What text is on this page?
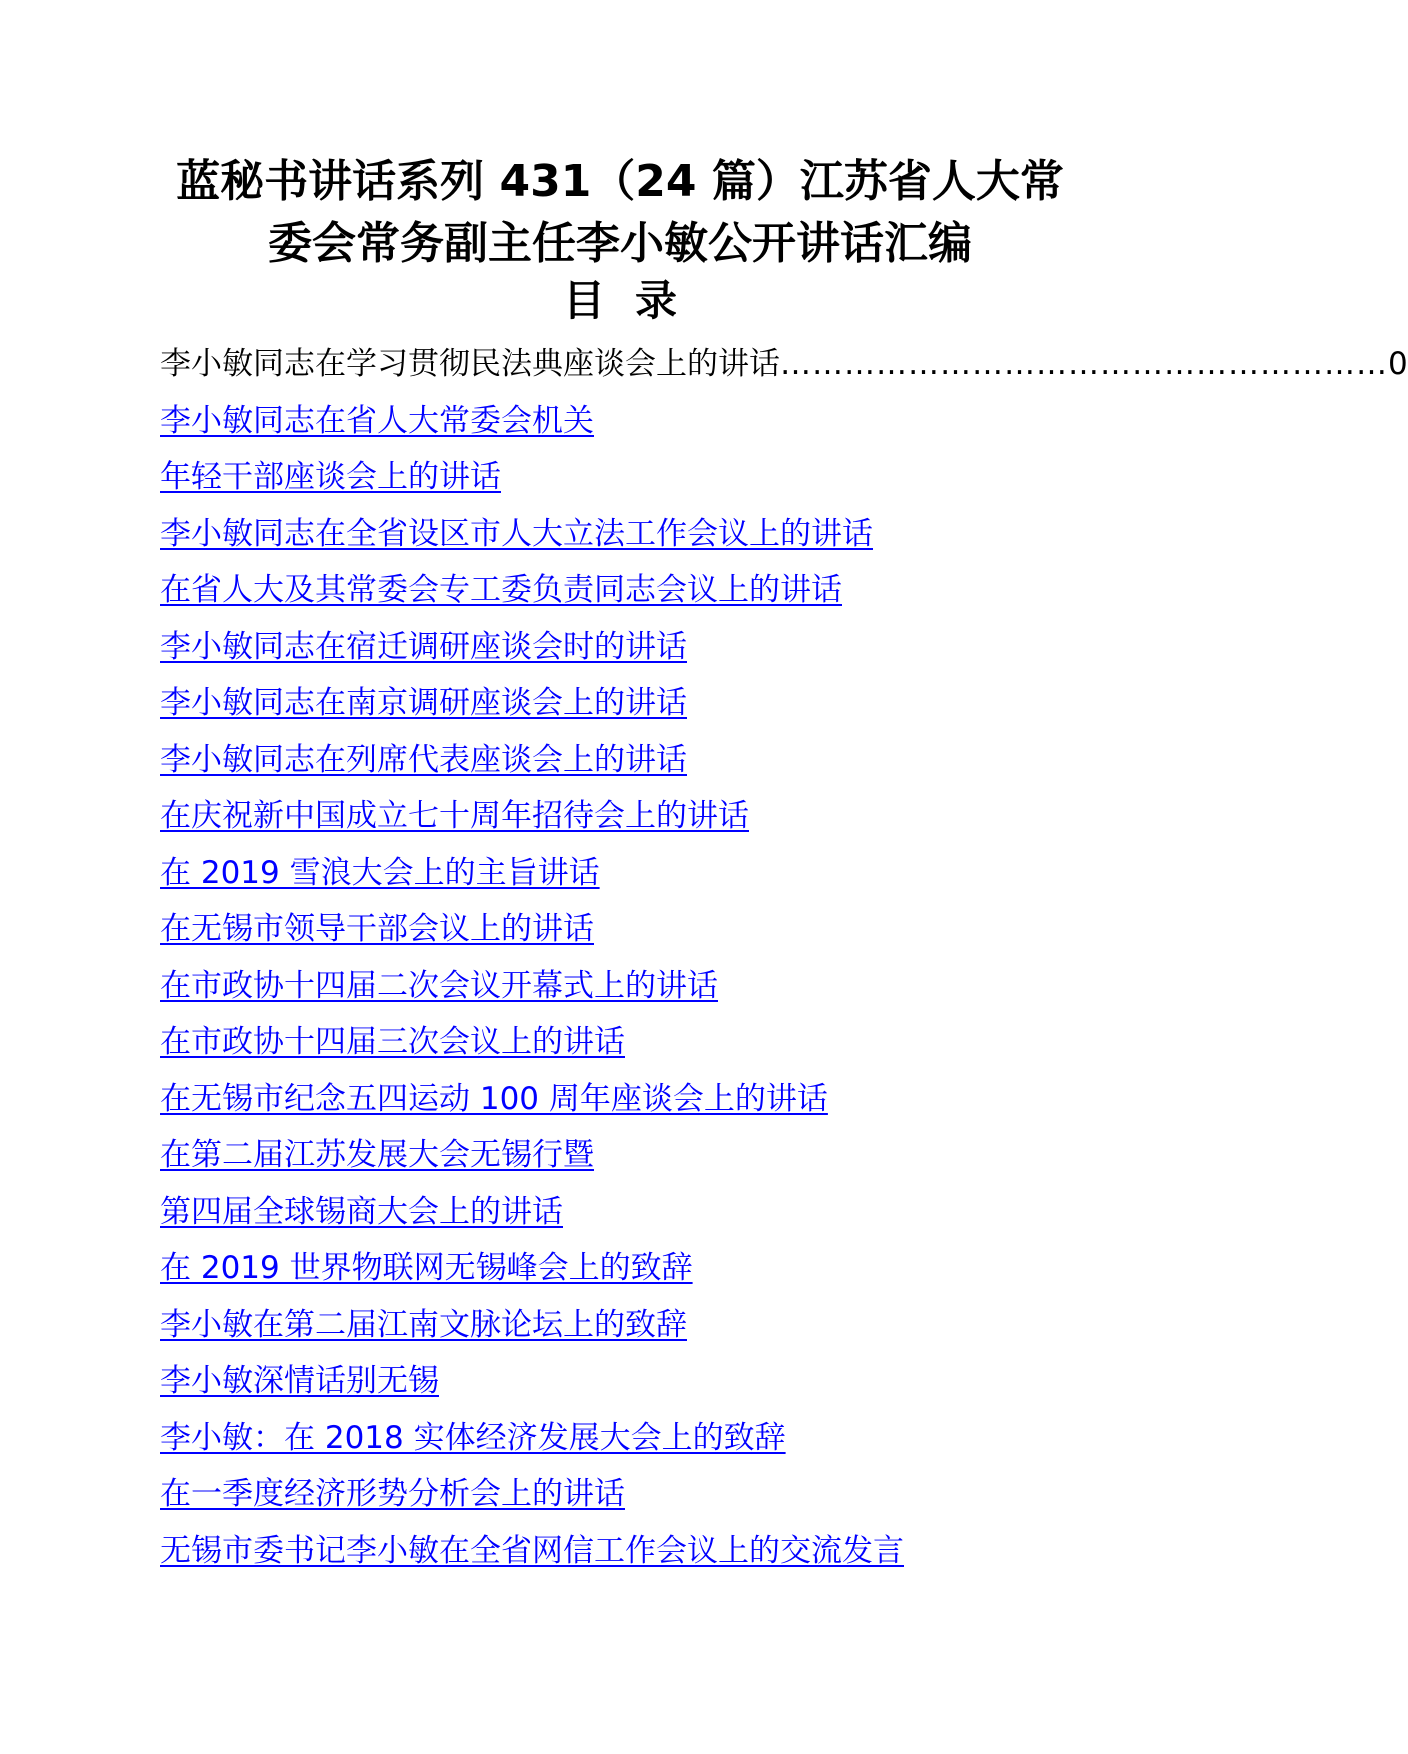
蓝秘书讲话系列 431（24 篇）江苏省人大常
委会常务副主任李小敏公开讲话汇编
目录
李小敏同志在学习贯彻民法典座谈会上的讲话 ………………………………………………… 0
李小敏同志在省人大常委会机关
年轻干部座谈会上的讲话
李小敏同志在全省设区市人大立法工作会议上的讲话
在省人大及其常委会专工委负责同志会议上的讲话
李小敏同志在宿迁调研座谈会时的讲话
李小敏同志在南京调研座谈会上的讲话
李小敏同志在列席代表座谈会上的讲话
在庆祝新中国成立七十周年招待会上的讲话
在 2019 雪浪大会上的主旨讲话
在无锡市领导干部会议上的讲话
在市政协十四届二次会议开幕式上的讲话
在市政协十四届三次会议上的讲话
在无锡市纪念五四运动 100 周年座谈会上的讲话
在第二届江苏发展大会无锡行暨
第四届全球锡商大会上的讲话
在 2019 世界物联网无锡峰会上的致辞
李小敏在第二届江南文脉论坛上的致辞
李小敏深情话别无锡
李小敏：在 2018 实体经济发展大会上的致辞
在一季度经济形势分析会上的讲话
无锡市委书记李小敏在全省网信工作会议上的交流发言
